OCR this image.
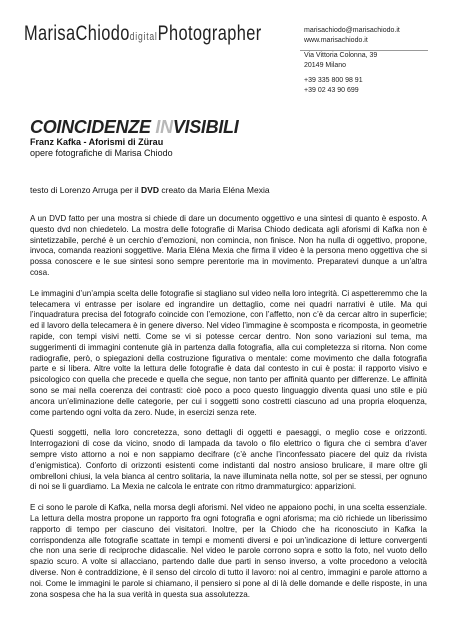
MarisaChiododigitalPhotographer	marisachiodo@marisachiodo.it
www.marisachiodo.it
Via Vittoria Colonna, 39
20149 Milano
+39 335 800 98 91
+39 02 43 90 699
COINCIDENZE INVISIBILI
Franz Kafka - Aforismi di Zürau
opere fotografiche di Marisa Chiodo
testo di Lorenzo Arruga per il DVD creato da Maria Eléna Mexia

A un DVD fatto per una mostra si chiede di dare un documento oggettivo e una sintesi di quanto è esposto. A questo dvd non chiedetelo. La mostra delle fotografie di Marisa Chiodo dedicata agli aforismi di Kafka non è sintetizzabile, perché è un cerchio d’emozioni, non comincia, non finisce. Non ha nulla di oggettivo, propone, invoca, comanda reazioni soggettive. Maria Eléna Mexia che firma il video è la persona meno oggettiva che si possa conoscere e le sue sintesi sono sempre perentorie ma in movimento. Preparatevi dunque a un’altra cosa.

Le immagini d’un’ampia scelta delle fotografie si stagliano sul video nella loro integrità. Ci aspetteremmo che la telecamera vi entrasse per isolare ed ingrandire un dettaglio, come nei quadri narrativi è utile. Ma qui l’inquadratura precisa del fotografo coincide con l’emozione, con l’affetto, non c’è da cercar altro in superficie; ed il lavoro della telecamera è in genere diverso. Nel video l’immagine è scomposta e ricomposta, in geometrie rapide, con tempi visivi netti. Come se vi si potesse cercar dentro. Non sono variazioni sul tema, ma suggerimenti di immagini contenute già in partenza dalla fotografia, alla cui completezza si ritorna. Non come radiografie, però, o spiegazioni della costruzione figurativa o mentale: come movimento che dalla fotografia parte e si libera. Altre volte la lettura delle fotografie è data dal contesto in cui è posta: il rapporto visivo e psicologico con quella che precede e quella che segue, non tanto per affinità quanto per differenze. Le affinità sono se mai nella coerenza dei contrasti: cioè poco a poco questo linguaggio diventa quasi uno stile e più ancora un’eliminazione delle categorie, per cui i soggetti sono costretti ciascuno ad una propria eloquenza, come partendo ogni volta da zero. Nude, in esercizi senza rete.

Questi soggetti, nella loro concretezza, sono dettagli di oggetti e paesaggi, o meglio cose e orizzonti. Interrogazioni di cose da vicino, snodo di lampada da tavolo o filo elettrico o figura che ci sembra d’aver sempre visto attorno a noi e non sappiamo decifrare (c’è anche l’inconfessato piacere del quiz da rivista d’enigmistica). Conforto di orizzonti esistenti come indistanti dal nostro ansioso brulicare, il mare oltre gli ombrelloni chiusi, la vela bianca al centro solitaria, la nave illuminata nella notte, sol per se stessi, per ognuno di noi se li guardiamo. La Mexia ne calcola le entrate con ritmo drammaturgico: apparizioni.

E ci sono le parole di Kafka, nella morsa degli aforismi. Nel video ne appaiono pochi, in una scelta essenziale. La lettura della mostra propone un rapporto fra ogni fotografia e ogni aforisma; ma ciò richiede un liberissimo rapporto di tempo per ciascuno dei visitatori. Inoltre, per la Chiodo che ha riconosciuto in Kafka la corrispondenza alle fotografie scattate in tempi e momenti diversi e poi un’indicazione di letture convergenti che non una serie di reciproche didascalie. Nel video le parole corrono sopra e sotto la foto, nel vuoto dello spazio scuro. A volte si allacciano, partendo dalle due parti in senso inverso, a volte procedono a velocità diverse. Non è contraddizione, è il senso del circolo di tutto il lavoro: noi al centro, immagini e parole attorno a noi. Come le immagini le parole si chiamano, il pensiero si pone al di là delle domande e delle risposte, in una zona sospesa che ha la sua verità in questa sua assolutezza.
